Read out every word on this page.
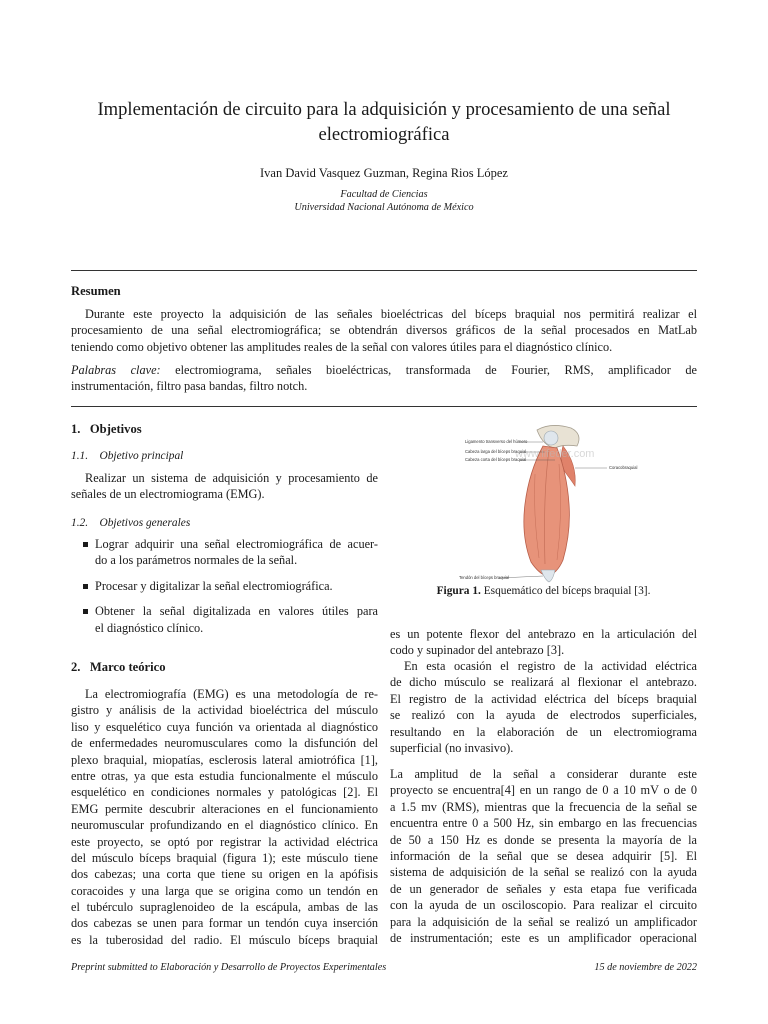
Implementación de circuito para la adquisición y procesamiento de una señal
electromiográfica
Ivan David Vasquez Guzman, Regina Rios López
Facultad de Ciencias
Universidad Nacional Autónoma de México
Resumen
Durante este proyecto la adquisición de las señales bioeléctricas del bíceps braquial nos permitirá realizar el
procesamiento de una señal electromiográfica; se obtendrán diversos gráficos de la señal procesados en MatLab
teniendo como objetivo obtener las amplitudes reales de la señal con valores útiles para el diagnóstico clínico.
Palabras clave: electromiograma, señales bioeléctricas, transformada de Fourier, RMS, amplificador de
instrumentación, filtro pasa bandas, filtro notch.
1.   Objetivos
1.1.    Objetivo principal
Realizar un sistema de adquisición y procesamiento de
señales de un electromiograma (EMG).
1.2.    Objetivos generales
Lograr adquirir una señal electromiográfica de acuer-
do a los parámetros normales de la señal.
Procesar y digitalizar la señal electromiográfica.
Obtener la señal digitalizada en valores útiles para
el diagnóstico clínico.
2.   Marco teórico
La electromiografía (EMG) es una metodología de re-
gistro y análisis de la actividad bioeléctrica del músculo
liso y esquelético cuya función va orientada al diagnóstico
de enfermedades neuromusculares como la disfunción del
plexo braquial, miopatías, esclerosis lateral amiotrófica [1],
entre otras, ya que esta estudia funcionalmente el músculo
esquelético en condiciones normales y patológicas [2]. El
EMG permite descubrir alteraciones en el funcionamiento
neuromuscular profundizando en el diagnóstico clínico. En
este proyecto, se optó por registrar la actividad eléctrica
del músculo bíceps braquial (figura 1); este músculo tiene
dos cabezas; una corta que tiene su origen en la apófisis
coracoides y una larga que se origina como un tendón en
el tubérculo supraglenoideo de la escápula, ambas de las
dos cabezas se unen para formar un tendón cuya inserción
es la tuberosidad del radio. El músculo bíceps braquial
Ligamento transverso del húmero
Cabeza larga del bíceps braquial
Cabeza corta del bíceps braquial
Coracobraquial
Tendón del bíceps braquial
www.lifeder.com
Figura 1. Esquemático del bíceps braquial [3].
es un potente flexor del antebrazo en la articulación del
codo y supinador del antebrazo [3].
En esta ocasión el registro de la actividad eléctrica
de dicho músculo se realizará al flexionar el antebrazo.
El registro de la actividad eléctrica del bíceps braquial
se realizó con la ayuda de electrodos superficiales,
resultando en la elaboración de un electromiograma
superficial (no invasivo).
La amplitud de la señal a considerar durante este
proyecto se encuentra[4] en un rango de 0 a 10 mV o de 0
a 1.5 mv (RMS), mientras que la frecuencia de la señal se
encuentra entre 0 a 500 Hz, sin embargo en las frecuencias
de 50 a 150 Hz es donde se presenta la mayoría de la
información de la señal que se desea adquirir [5]. El
sistema de adquisición de la señal se realizó con la ayuda
de un generador de señales y esta etapa fue verificada
con la ayuda de un osciloscopio. Para realizar el circuito
para la adquisición de la señal se realizó un amplificador
de instrumentación; este es un amplificador operacional
Preprint submitted to Elaboración y Desarrollo de Proyectos Experimentales	15 de noviembre de 2022
